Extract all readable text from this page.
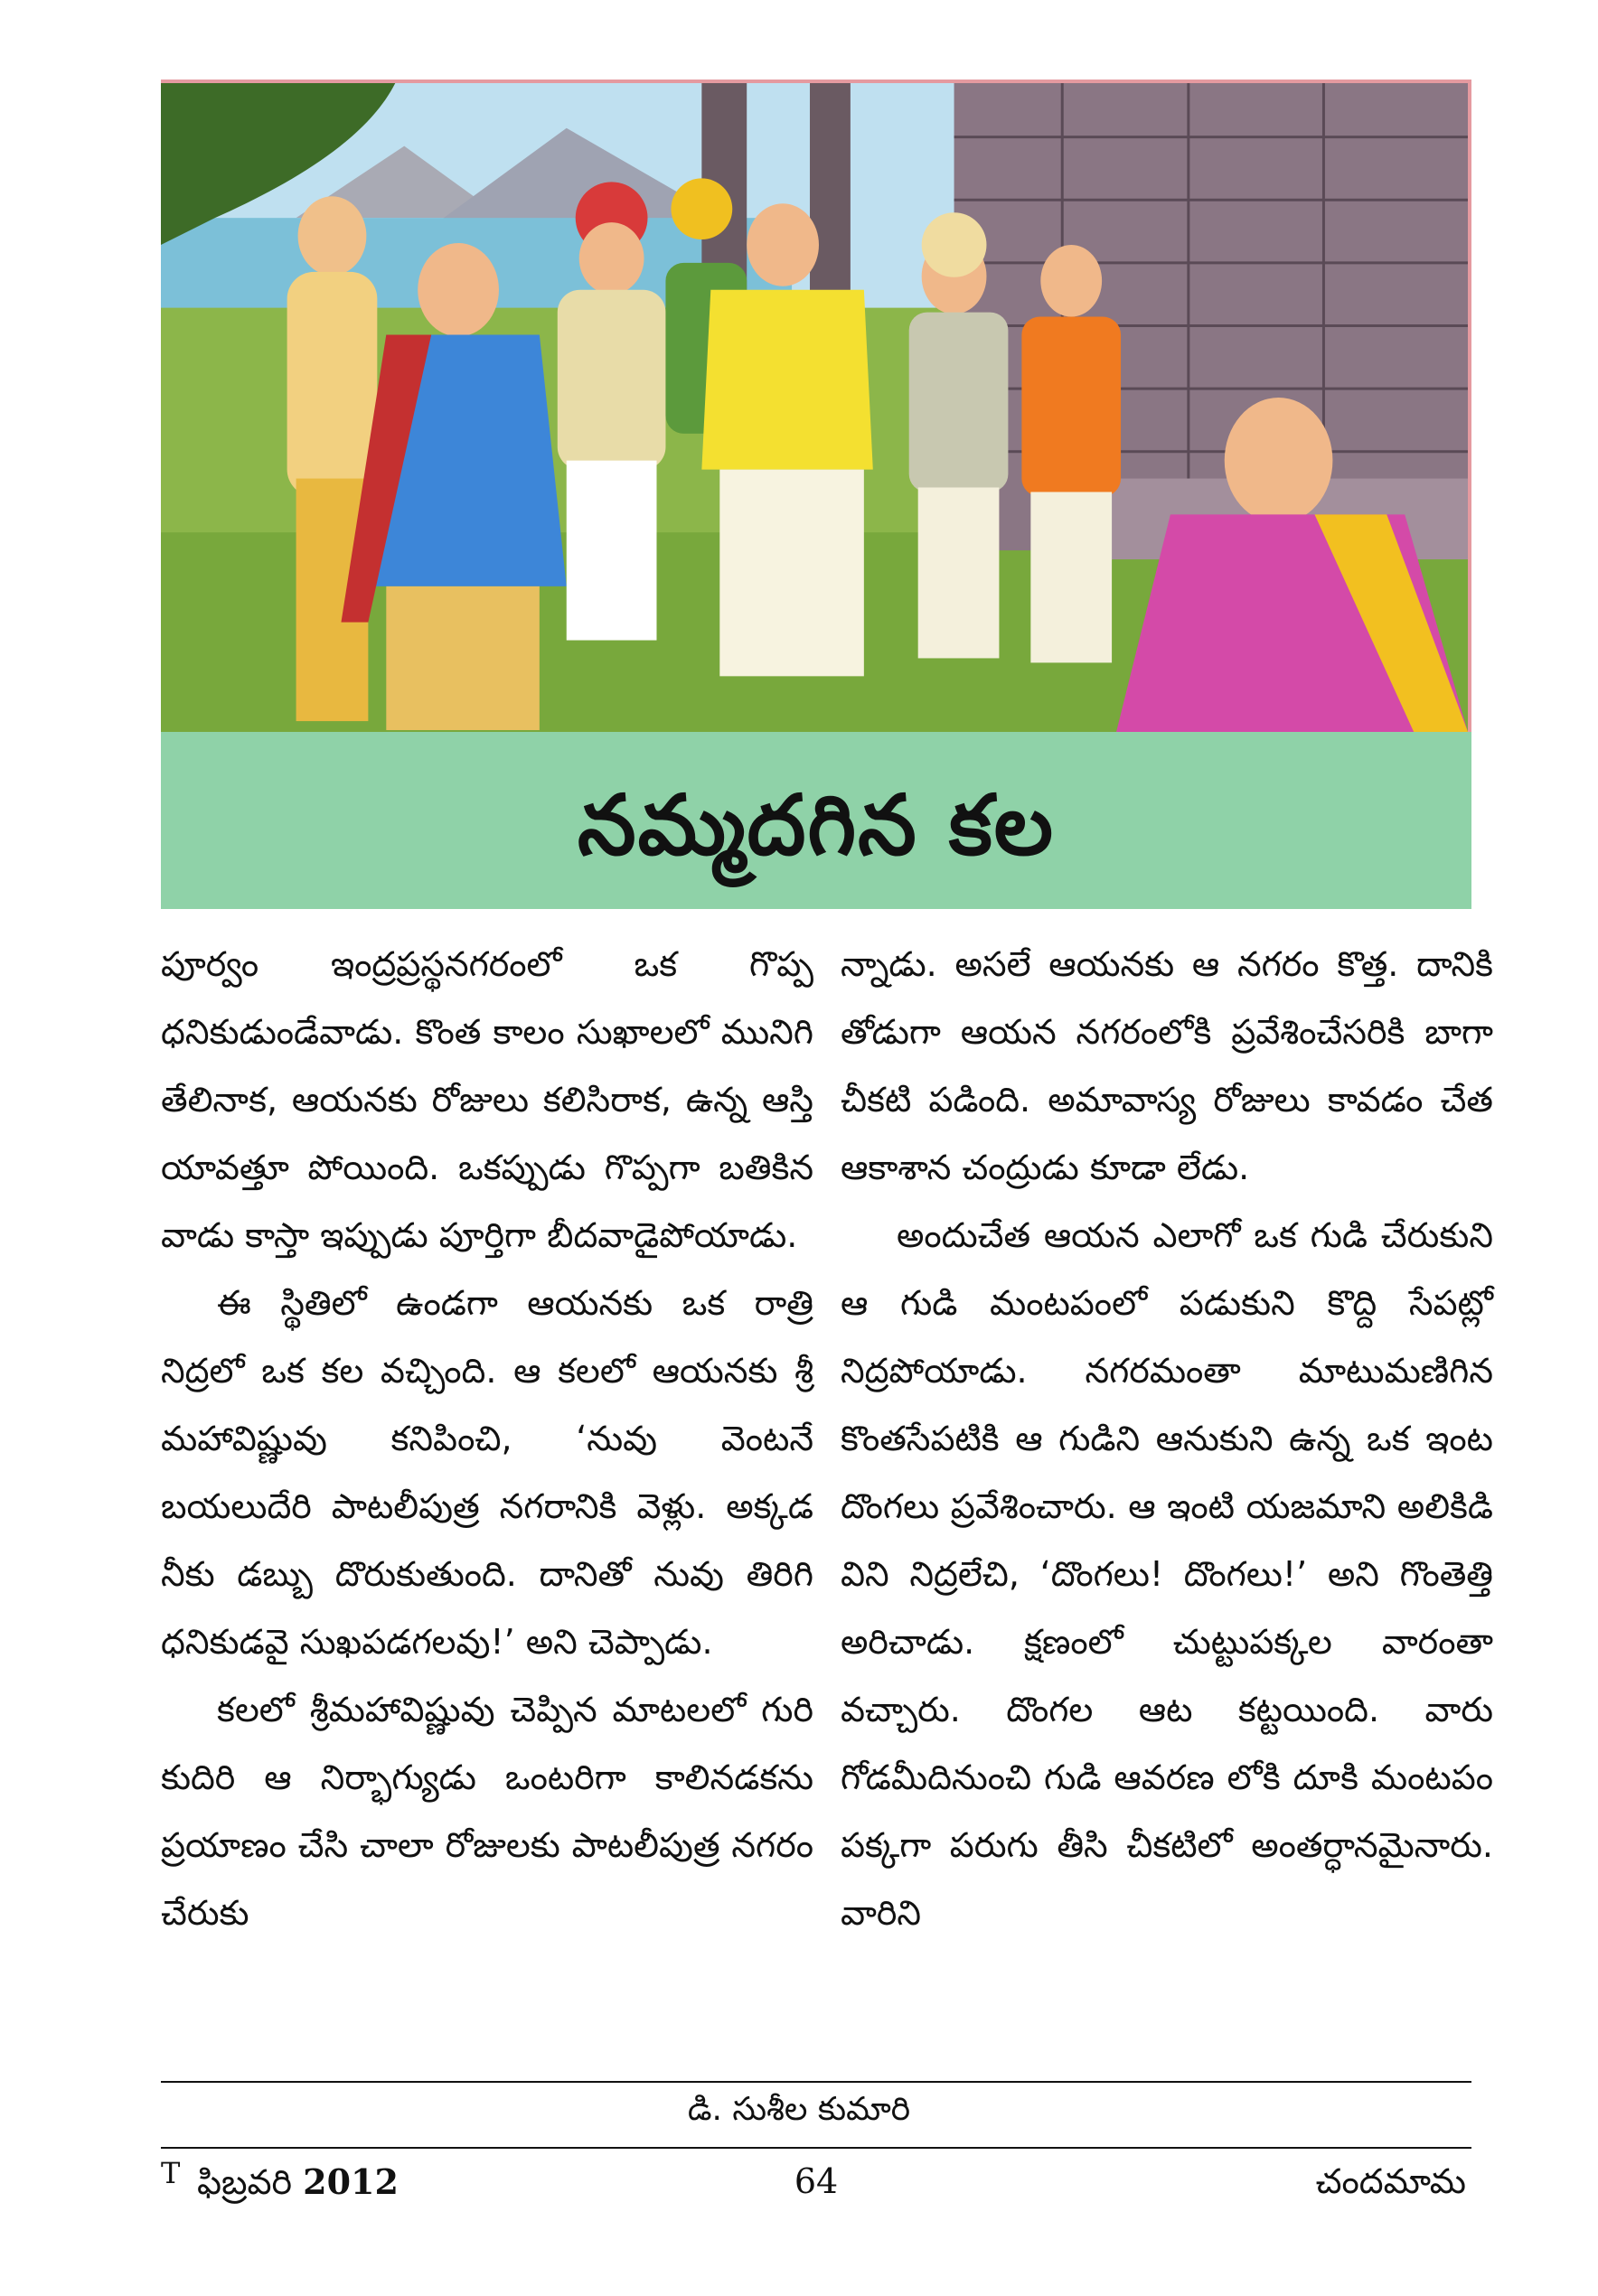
నమ్మదగిన కల

పూర్వం ఇంద్రప్రస్థనగరంలో ఒక గొప్ప ధనికుడుండేవాడు. కొంత కాలం సుఖాలలో మునిగి తేలినాక, ఆయనకు రోజులు కలిసిరాక, ఉన్న ఆస్తి యావత్తూ పోయింది. ఒకప్పుడు గొప్పగా బతికిన వాడు కాస్తా ఇప్పుడు పూర్తిగా బీదవాడైపోయాడు.

ఈ స్థితిలో ఉండగా ఆయనకు ఒక రాత్రి నిద్రలో ఒక కల వచ్చింది. ఆ కలలో ఆయనకు శ్రీ మహావిష్ణువు కనిపించి, ‘నువు వెంటనే బయలుదేరి పాటలీపుత్ర నగరానికి వెళ్లు. అక్కడ నీకు డబ్బు దొరుకుతుంది. దానితో నువు తిరిగి ధనికుడవై సుఖపడగలవు!’ అని చెప్పాడు.

కలలో శ్రీమహావిష్ణువు చెప్పిన మాటలలో గురి కుదిరి ఆ నిర్భాగ్యుడు ఒంటరిగా కాలినడకను ప్రయాణం చేసి చాలా రోజులకు పాటలీపుత్ర నగరం చేరుకు

న్నాడు. అసలే ఆయనకు ఆ నగరం కొత్త. దానికి తోడుగా ఆయన నగరంలోకి ప్రవేశించేసరికి బాగా చీకటి పడింది. అమావాస్య రోజులు కావడం చేత ఆకాశాన చంద్రుడు కూడా లేడు.

అందుచేత ఆయన ఎలాగో ఒక గుడి చేరుకుని ఆ గుడి మంటపంలో పడుకుని కొద్ది సేపట్లో నిద్రపోయాడు. నగరమంతా మాటుమణిగిన కొంతసేపటికి ఆ గుడిని ఆనుకుని ఉన్న ఒక ఇంట దొంగలు ప్రవేశించారు. ఆ ఇంటి యజమాని అలికిడి విని నిద్రలేచి, ‘దొంగలు! దొంగలు!’ అని గొంతెత్తి అరిచాడు. క్షణంలో చుట్టుపక్కల వారంతా వచ్చారు. దొంగల ఆట కట్టయింది. వారు గోడమీదినుంచి గుడి ఆవరణ లోకి దూకి మంటపం పక్కగా పరుగు తీసి చీకటిలో అంతర్ధానమైనారు. వారిని

డి. సుశీల కుమారి
T ఫిబ్రవరి 2012	64	చందమామ
